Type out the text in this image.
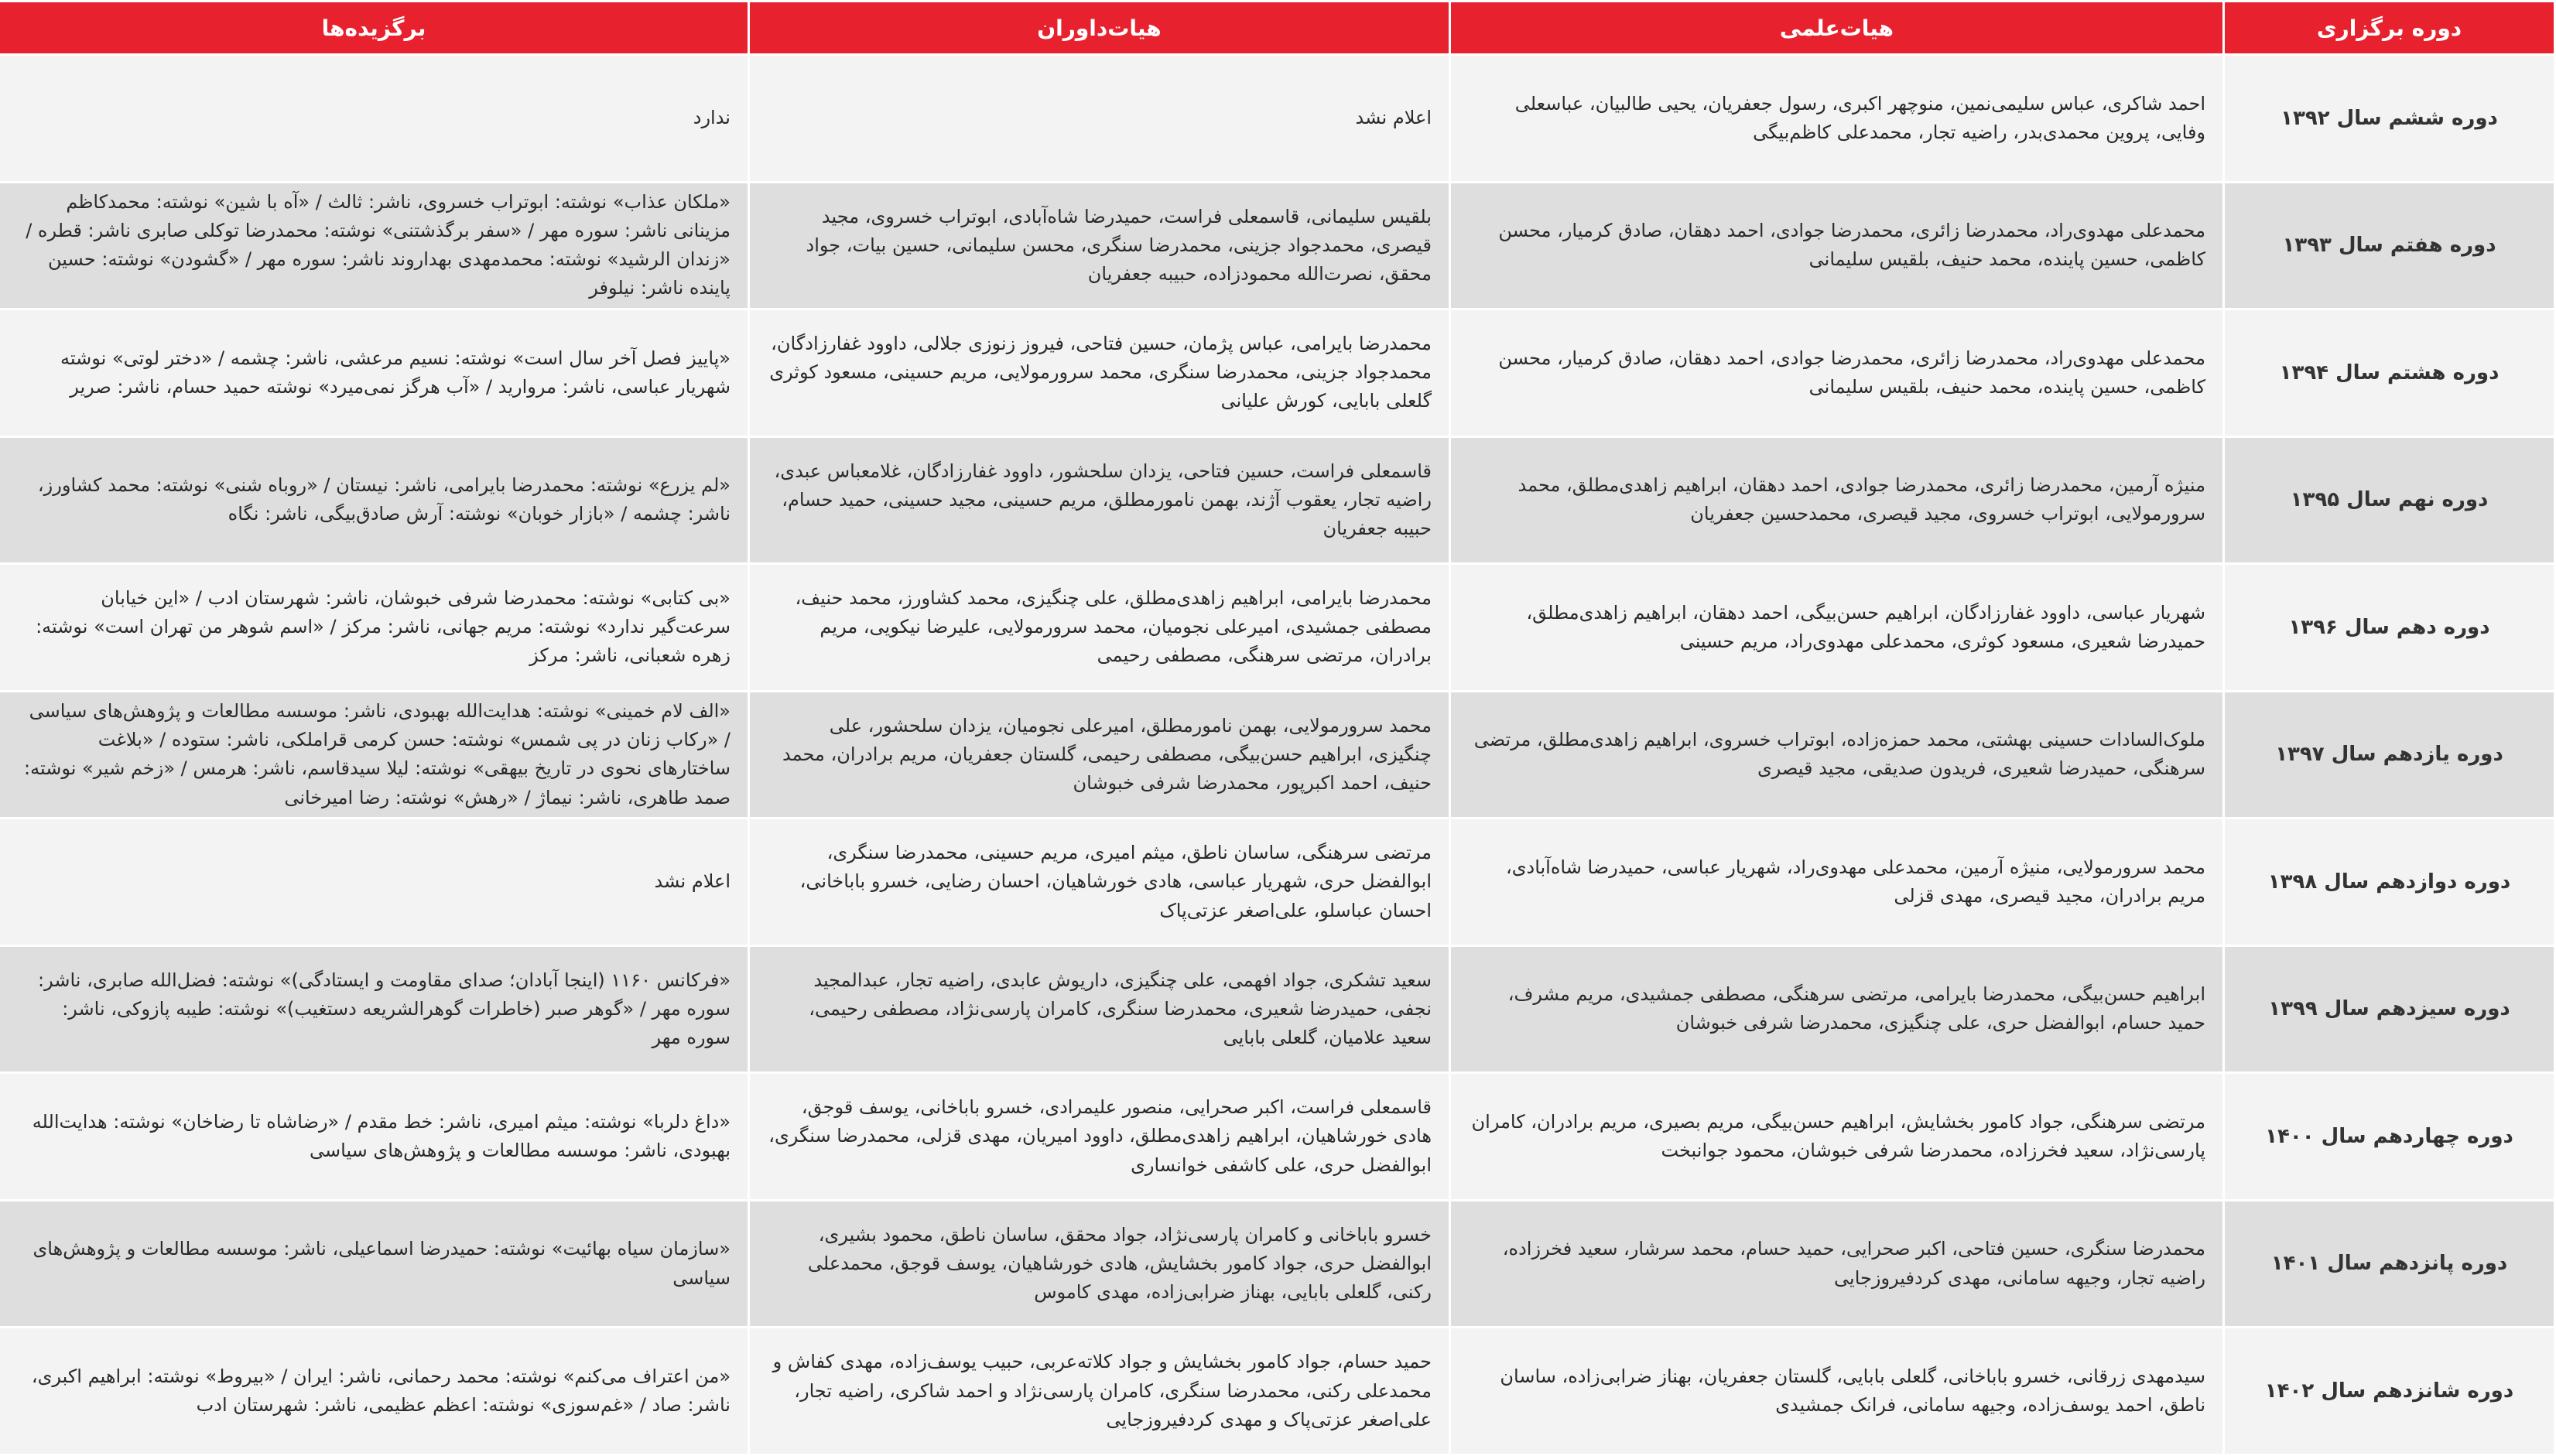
دوره برگزاری	هیات‌علمی	هیات‌داوران	برگزیده‌ها
دوره ششم سال ۱۳۹۲	احمد شاکری، عباس سلیمی‌نمین، منوچهر اکبری، رسول جعفریان، یحیی طالبیان، عباسعلی وفایی، پروین محمدی‌بدر، راضیه تجار، محمدعلی کاظم‌بیگی	اعلام نشد	ندارد
دوره هفتم سال ۱۳۹۳	محمدعلی مهدوی‌راد، محمدرضا زائری، محمدرضا جوادی، احمد دهقان، صادق کرمیار، محسن کاظمی، حسین پاینده، محمد حنیف، بلقیس سلیمانی	بلقیس سلیمانی، قاسمعلی فراست، حمیدرضا شاه‌آبادی، ابوتراب خسروی، مجید قیصری، محمدجواد جزینی، محمدرضا سنگری، محسن سلیمانی، حسین بیات، جواد محقق، نصرت‌الله محمودزاده، حبیبه جعفریان	«ملکان عذاب» نوشته: ابوتراب خسروی، ناشر: ثالث / «آه با شین» نوشته: محمدکاظم مزینانی ناشر: سوره مهر / «سفر برگذشتنی» نوشته: محمدرضا توکلی صابری ناشر: قطره / «زندان الرشید» نوشته: محمدمهدی بهداروند ناشر: سوره مهر / «گشودن» نوشته: حسین پاینده ناشر: نیلوفر
دوره هشتم سال ۱۳۹۴	محمدعلی مهدوی‌راد، محمدرضا زائری، محمدرضا جوادی، احمد دهقان، صادق کرمیار، محسن کاظمی، حسین پاینده، محمد حنیف، بلقیس سلیمانی	محمدرضا بایرامی، عباس پژمان، حسین فتاحی، فیروز زنوزی جلالی، داوود غفارزادگان، محمدجواد جزینی، محمدرضا سنگری، محمد سرورمولایی، مریم حسینی، مسعود کوثری گلعلی بابایی، کورش علیانی	«پاییز فصل آخر سال است» نوشته: نسیم مرعشی، ناشر: چشمه / «دختر لوتی» نوشته شهریار عباسی، ناشر: مروارید / «آب هرگز نمی‌میرد» نوشته حمید حسام، ناشر: صریر
دوره نهم سال ۱۳۹۵	منیژه آرمین، محمدرضا زائری، محمدرضا جوادی، احمد دهقان، ابراهیم زاهدی‌مطلق، محمد سرورمولایی، ابوتراب خسروی، مجید قیصری، محمدحسین جعفریان	قاسمعلی فراست، حسین فتاحی، یزدان سلحشور، داوود غفارزادگان، غلامعباس عبدی، راضیه تجار، یعقوب آژند، بهمن نامورمطلق، مریم حسینی، مجید حسینی، حمید حسام، حبیبه جعفریان	«لم یزرع» نوشته: محمدرضا بایرامی، ناشر: نیستان / «روباه شنی» نوشته: محمد کشاورز، ناشر: چشمه / «بازار خوبان» نوشته: آرش صادق‌بیگی، ناشر: نگاه
دوره دهم سال ۱۳۹۶	شهریار عباسی، داوود غفارزادگان، ابراهیم حسن‌بیگی، احمد دهقان، ابراهیم زاهدی‌مطلق، حمیدرضا شعیری، مسعود کوثری، محمدعلی مهدوی‌راد، مریم حسینی	محمدرضا بایرامی، ابراهیم زاهدی‌مطلق، علی چنگیزی، محمد کشاورز، محمد حنیف، مصطفی جمشیدی، امیرعلی نجومیان، محمد سرورمولایی، علیرضا نیکویی، مریم برادران، مرتضی سرهنگی، مصطفی رحیمی	«بی کتابی» نوشته: محمدرضا شرفی خبوشان، ناشر: شهرستان ادب / «این خیابان سرعت‌گیر ندارد» نوشته: مریم جهانی، ناشر: مرکز / «اسم شوهر من تهران است» نوشته: زهره شعبانی، ناشر: مرکز
دوره یازدهم سال ۱۳۹۷	ملوک‌السادات حسینی بهشتی، محمد حمزه‌زاده، ابوتراب خسروی، ابراهیم زاهدی‌مطلق، مرتضی سرهنگی، حمیدرضا شعیری، فریدون صدیقی، مجید قیصری	محمد سرورمولایی، بهمن نامورمطلق، امیرعلی نجومیان، یزدان سلحشور، علی چنگیزی، ابراهیم حسن‌بیگی، مصطفی رحیمی، گلستان جعفریان، مریم برادران، محمد حنیف، احمد اکبرپور، محمدرضا شرفی خبوشان	«الف لام خمینی» نوشته: هدایت‌الله بهبودی، ناشر: موسسه مطالعات و پژوهش‌های سیاسی / «رکاب زنان در پی شمس» نوشته: حسن کرمی قراملکی، ناشر: ستوده / «بلاغت ساختارهای نحوی در تاریخ بیهقی» نوشته: لیلا سیدقاسم، ناشر: هرمس / «زخم شیر» نوشته: صمد طاهری، ناشر: نیماژ / «رهش» نوشته: رضا امیرخانی
دوره دوازدهم سال ۱۳۹۸	محمد سرورمولایی، منیژه آرمین، محمدعلی مهدوی‌راد، شهریار عباسی، حمیدرضا شاه‌آبادی، مریم برادران، مجید قیصری، مهدی قزلی	مرتضی سرهنگی، ساسان ناطق، میثم امیری، مریم حسینی، محمدرضا سنگری، ابوالفضل حری، شهریار عباسی، هادی خورشاهیان، احسان رضایی، خسرو باباخانی، احسان عباسلو، علی‌اصغر عزتی‌پاک	اعلام نشد
دوره سیزدهم سال ۱۳۹۹	ابراهیم حسن‌بیگی، محمدرضا بایرامی، مرتضی سرهنگی، مصطفی جمشیدی، مریم مشرف، حمید حسام، ابوالفضل حری، علی چنگیزی، محمدرضا شرفی خبوشان	سعید تشکری، جواد افهمی، علی چنگیزی، داریوش عابدی، راضیه تجار، عبدالمجید نجفی، حمیدرضا شعیری، محمدرضا سنگری، کامران پارسی‌نژاد، مصطفی رحیمی، سعید علامیان، گلعلی بابایی	«فرکانس ۱۱۶۰ (اینجا آبادان؛ صدای مقاومت و ایستادگی)» نوشته: فضل‌الله صابری، ناشر: سوره مهر / «گوهر صبر (خاطرات گوهرالشریعه دستغیب)» نوشته: طیبه پازوکی، ناشر: سوره مهر
دوره چهاردهم سال ۱۴۰۰	مرتضی سرهنگی، جواد کامور بخشایش، ابراهیم حسن‌بیگی، مریم بصیری، مریم برادران، کامران پارسی‌نژاد، سعید فخرزاده، محمدرضا شرفی خبوشان، محمود جوانبخت	قاسمعلی فراست، اکبر صحرایی، منصور علیمرادی، خسرو باباخانی، یوسف قوجق، هادی خورشاهیان، ابراهیم زاهدی‌مطلق، داوود امیریان، مهدی قزلی، محمدرضا سنگری، ابوالفضل حری، علی کاشفی خوانساری	«داغ دلربا» نوشته: میثم امیری، ناشر: خط مقدم / «رضاشاه تا رضاخان» نوشته: هدایت‌الله بهبودی، ناشر: موسسه مطالعات و پژوهش‌های سیاسی
دوره پانزدهم سال ۱۴۰۱	محمدرضا سنگری، حسین فتاحی، اکبر صحرایی، حمید حسام، محمد سرشار، سعید فخرزاده، راضیه تجار، وجیهه سامانی، مهدی کردفیروزجایی	خسرو باباخانی و کامران پارسی‌نژاد، جواد محقق، ساسان ناطق، محمود بشیری، ابوالفضل حری، جواد کامور بخشایش، هادی خورشاهیان، یوسف قوجق، محمدعلی رکنی، گلعلی بابایی، بهناز ضرابی‌زاده، مهدی کاموس	«سازمان سیاه بهائیت» نوشته: حمیدرضا اسماعیلی، ناشر: موسسه مطالعات و پژوهش‌های سیاسی
دوره شانزدهم سال ۱۴۰۲	سیدمهدی زرقانی، خسرو باباخانی، گلعلی بابایی، گلستان جعفریان، بهناز ضرابی‌زاده، ساسان ناطق، احمد یوسف‌زاده، وجیهه سامانی، فرانک جمشیدی	حمید حسام، جواد کامور بخشایش و جواد کلاته‌عربی، حبیب یوسف‌زاده، مهدی کفاش و محمدعلی رکنی، محمدرضا سنگری، کامران پارسی‌نژاد و احمد شاکری، راضیه تجار، علی‌اصغر عزتی‌پاک و مهدی کردفیروزجایی	«من اعتراف می‌کنم» نوشته: محمد رحمانی، ناشر: ایران / «بیروط» نوشته: ابراهیم اکبری، ناشر: صاد / «غم‌سوزی» نوشته: اعظم عظیمی، ناشر: شهرستان ادب
